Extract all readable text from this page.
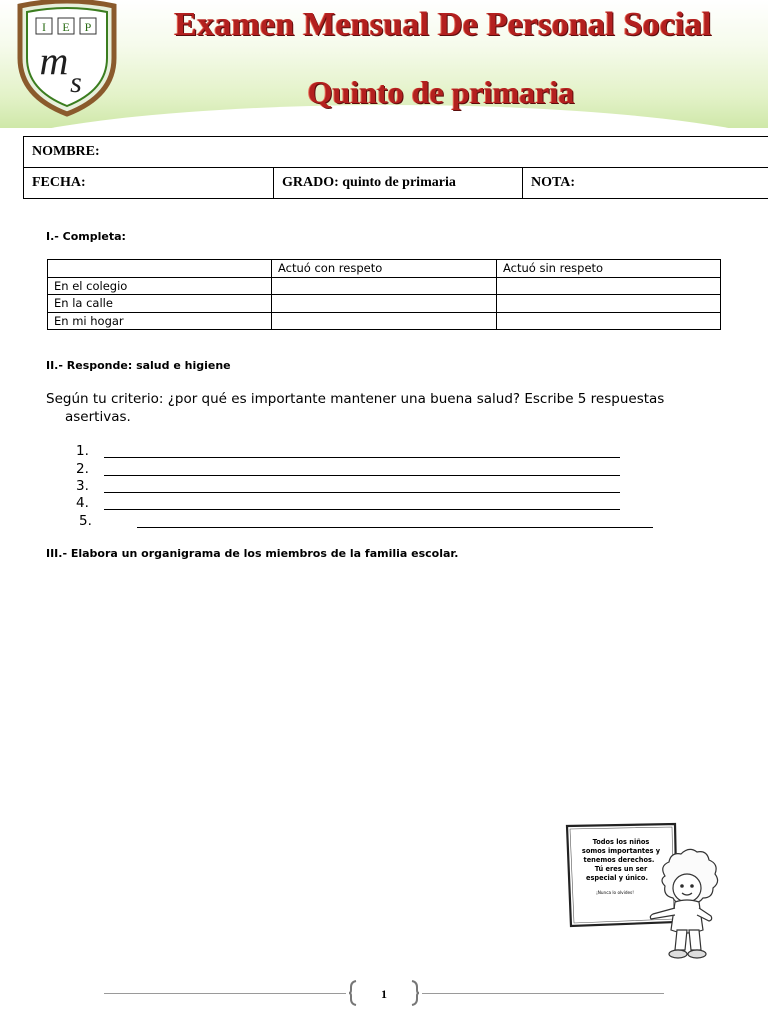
I E P
m s
Examen Mensual De Personal Social
Quinto de primaria
NOMBRE:
FECHA:	GRADO: quinto de primaria	NOTA:
I.- Completa:
	Actuó con respeto	Actuó sin respeto
En el colegio		
En la calle		
En mi hogar		
II.- Responde: salud e higiene
Según tu criterio: ¿por qué es importante mantener una buena salud? Escribe 5 respuestas
asertivas.
1.
2.
3.
4.
5.
III.- Elabora un organigrama de los miembros de la familia escolar.
Todos los niños
somos importantes y
tenemos derechos.
Tú eres un ser
especial y único.
¡Nunca lo olvides!
1
